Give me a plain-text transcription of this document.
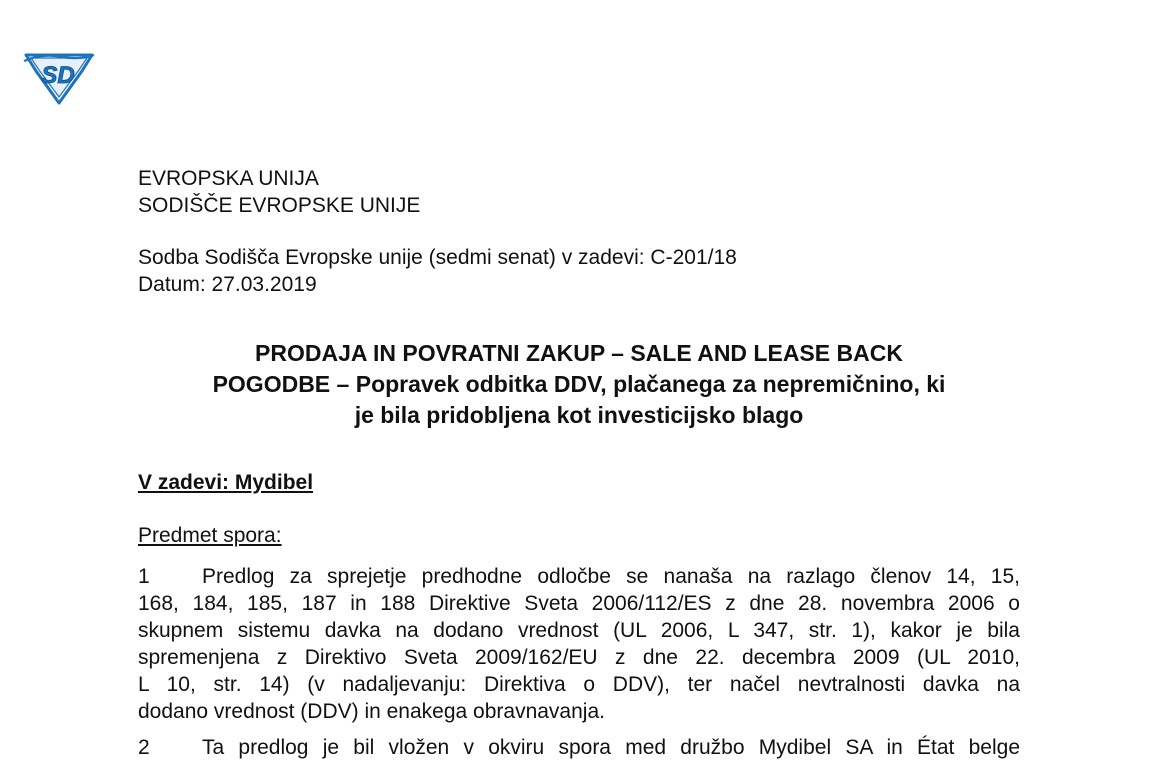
SD
EVROPSKA UNIJA
SODIŠČE EVROPSKE UNIJE
Sodba Sodišča Evropske unije (sedmi senat) v zadevi: C-201/18
Datum: 27.03.2019
PRODAJA IN POVRATNI ZAKUP – SALE AND LEASE BACK
POGODBE – Popravek odbitka DDV, plačanega za nepremičnino, ki
je bila pridobljena kot investicijsko blago
V zadevi: Mydibel
Predmet spora:
1 Predlog za sprejetje predhodne odločbe se nanaša na razlago členov 14, 15,
168, 184, 185, 187 in 188 Direktive Sveta 2006/112/ES z dne 28. novembra 2006 o
skupnem sistemu davka na dodano vrednost (UL 2006, L 347, str. 1), kakor je bila
spremenjena z Direktivo Sveta 2009/162/EU z dne 22. decembra 2009 (UL 2010,
L 10, str. 14) (v nadaljevanju: Direktiva o DDV), ter načel nevtralnosti davka na
dodano vrednost (DDV) in enakega obravnavanja.
2 Ta predlog je bil vložen v okviru spora med družbo Mydibel SA in État belge
